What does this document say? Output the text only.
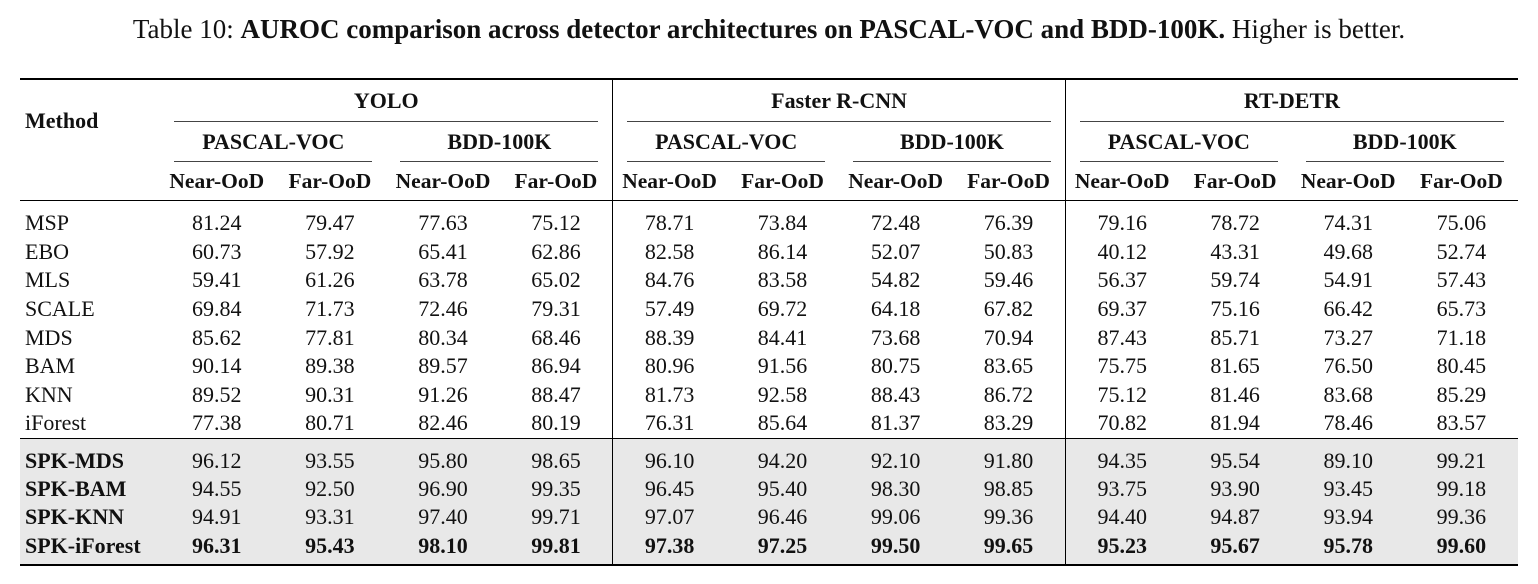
Table 10: AUROC comparison across detector architectures on PASCAL-VOC and BDD-100K. Higher is better.
Method	YOLO				Faster R-CNN				RT-DETR			
	PASCAL-VOC		BDD-100K		PASCAL-VOC		BDD-100K		PASCAL-VOC		BDD-100K	
	Near-OoD	Far-OoD	Near-OoD	Far-OoD	Near-OoD	Far-OoD	Near-OoD	Far-OoD	Near-OoD	Far-OoD	Near-OoD	Far-OoD
MSP	81.24	79.47	77.63	75.12	78.71	73.84	72.48	76.39	79.16	78.72	74.31	75.06
EBO	60.73	57.92	65.41	62.86	82.58	86.14	52.07	50.83	40.12	43.31	49.68	52.74
MLS	59.41	61.26	63.78	65.02	84.76	83.58	54.82	59.46	56.37	59.74	54.91	57.43
SCALE	69.84	71.73	72.46	79.31	57.49	69.72	64.18	67.82	69.37	75.16	66.42	65.73
MDS	85.62	77.81	80.34	68.46	88.39	84.41	73.68	70.94	87.43	85.71	73.27	71.18
BAM	90.14	89.38	89.57	86.94	80.96	91.56	80.75	83.65	75.75	81.65	76.50	80.45
KNN	89.52	90.31	91.26	88.47	81.73	92.58	88.43	86.72	75.12	81.46	83.68	85.29
iForest	77.38	80.71	82.46	80.19	76.31	85.64	81.37	83.29	70.82	81.94	78.46	83.57
SPK-MDS	96.12	93.55	95.80	98.65	96.10	94.20	92.10	91.80	94.35	95.54	89.10	99.21
SPK-BAM	94.55	92.50	96.90	99.35	96.45	95.40	98.30	98.85	93.75	93.90	93.45	99.18
SPK-KNN	94.91	93.31	97.40	99.71	97.07	96.46	99.06	99.36	94.40	94.87	93.94	99.36
SPK-iForest	96.31	95.43	98.10	99.81	97.38	97.25	99.50	99.65	95.23	95.67	95.78	99.60
